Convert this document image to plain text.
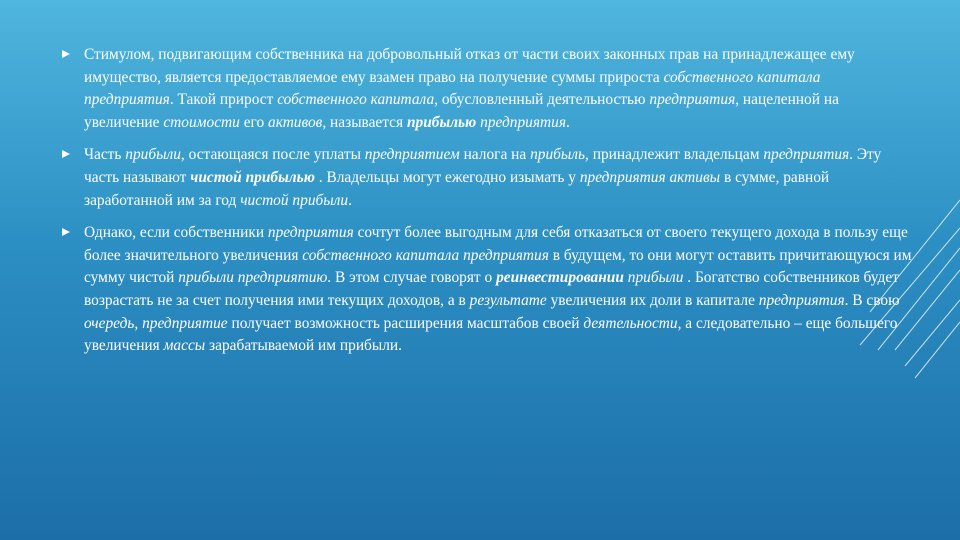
Стимулом, подвигающим собственника на добровольный отказ от части своих законных прав на принадлежащее ему имущество, является предоставляемое ему взамен право на получение суммы прироста собственного капитала предприятия. Такой прирост собственного капитала, обусловленный деятельностью предприятия, нацеленной на увеличение стоимости его активов, называется прибылью предприятия.
Часть прибыли, остающаяся после уплаты предприятием налога на прибыль, принадлежит владельцам предприятия. Эту часть называют чистой прибылью . Владельцы могут ежегодно изымать у предприятия активы в сумме, равной заработанной им за год чистой прибыли.
Однако, если собственники предприятия сочтут более выгодным для себя отказаться от своего текущего дохода в пользу еще более значительного увеличения собственного капитала предприятия в будущем, то они могут оставить причитающуюся им сумму чистой прибыли предприятию. В этом случае говорят о реинвестировании прибыли . Богатство собственников будет возрастать не за счет получения ими текущих доходов, а в результате увеличения их доли в капитале предприятия. В свою очередь, предприятие получает возможность расширения масштабов своей деятельности, а следовательно – еще большего увеличения массы зарабатываемой им прибыли.
